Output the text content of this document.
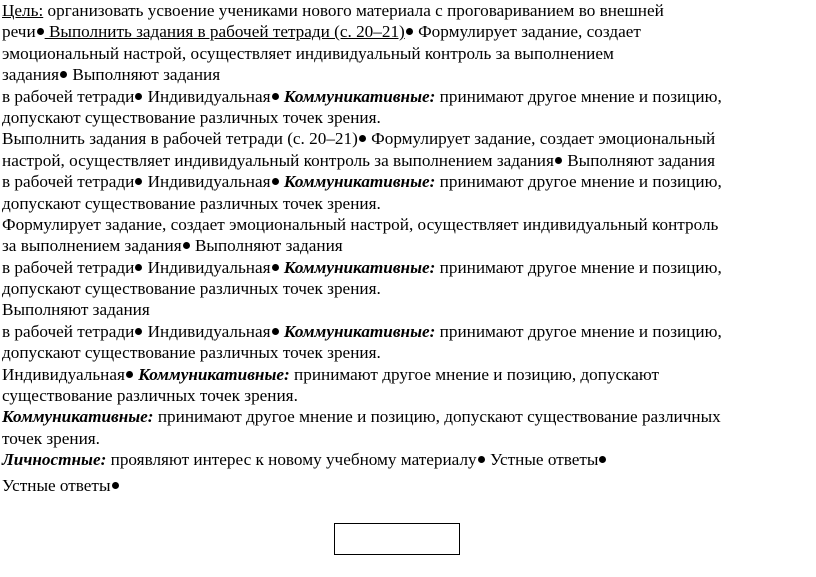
Цель: организовать усвоение учениками нового материала с проговариванием во внешней
речи Выполнить задания в рабочей тетради (с. 20–21) Формулирует задание, создает
эмоциональный настрой, осуществляет индивидуальный контроль за выполнением
задания Выполняют задания
в рабочей тетради Индивидуальная Коммуникативные: принимают другое мнение и позицию,
допускают существование различных точек зрения.
Выполнить задания в рабочей тетради (с. 20–21) Формулирует задание, создает эмоциональный
настрой, осуществляет индивидуальный контроль за выполнением задания Выполняют задания
в рабочей тетради Индивидуальная Коммуникативные: принимают другое мнение и позицию,
допускают существование различных точек зрения.
Формулирует задание, создает эмоциональный настрой, осуществляет индивидуальный контроль
за выполнением задания Выполняют задания
в рабочей тетради Индивидуальная Коммуникативные: принимают другое мнение и позицию,
допускают существование различных точек зрения.
Выполняют задания
в рабочей тетради Индивидуальная Коммуникативные: принимают другое мнение и позицию,
допускают существование различных точек зрения.
Индивидуальная Коммуникативные: принимают другое мнение и позицию, допускают
существование различных точек зрения.
Коммуникативные: принимают другое мнение и позицию, допускают существование различных
точек зрения.
Личностные: проявляют интерес к новому учебному материалу Устные ответы
Устные ответы
